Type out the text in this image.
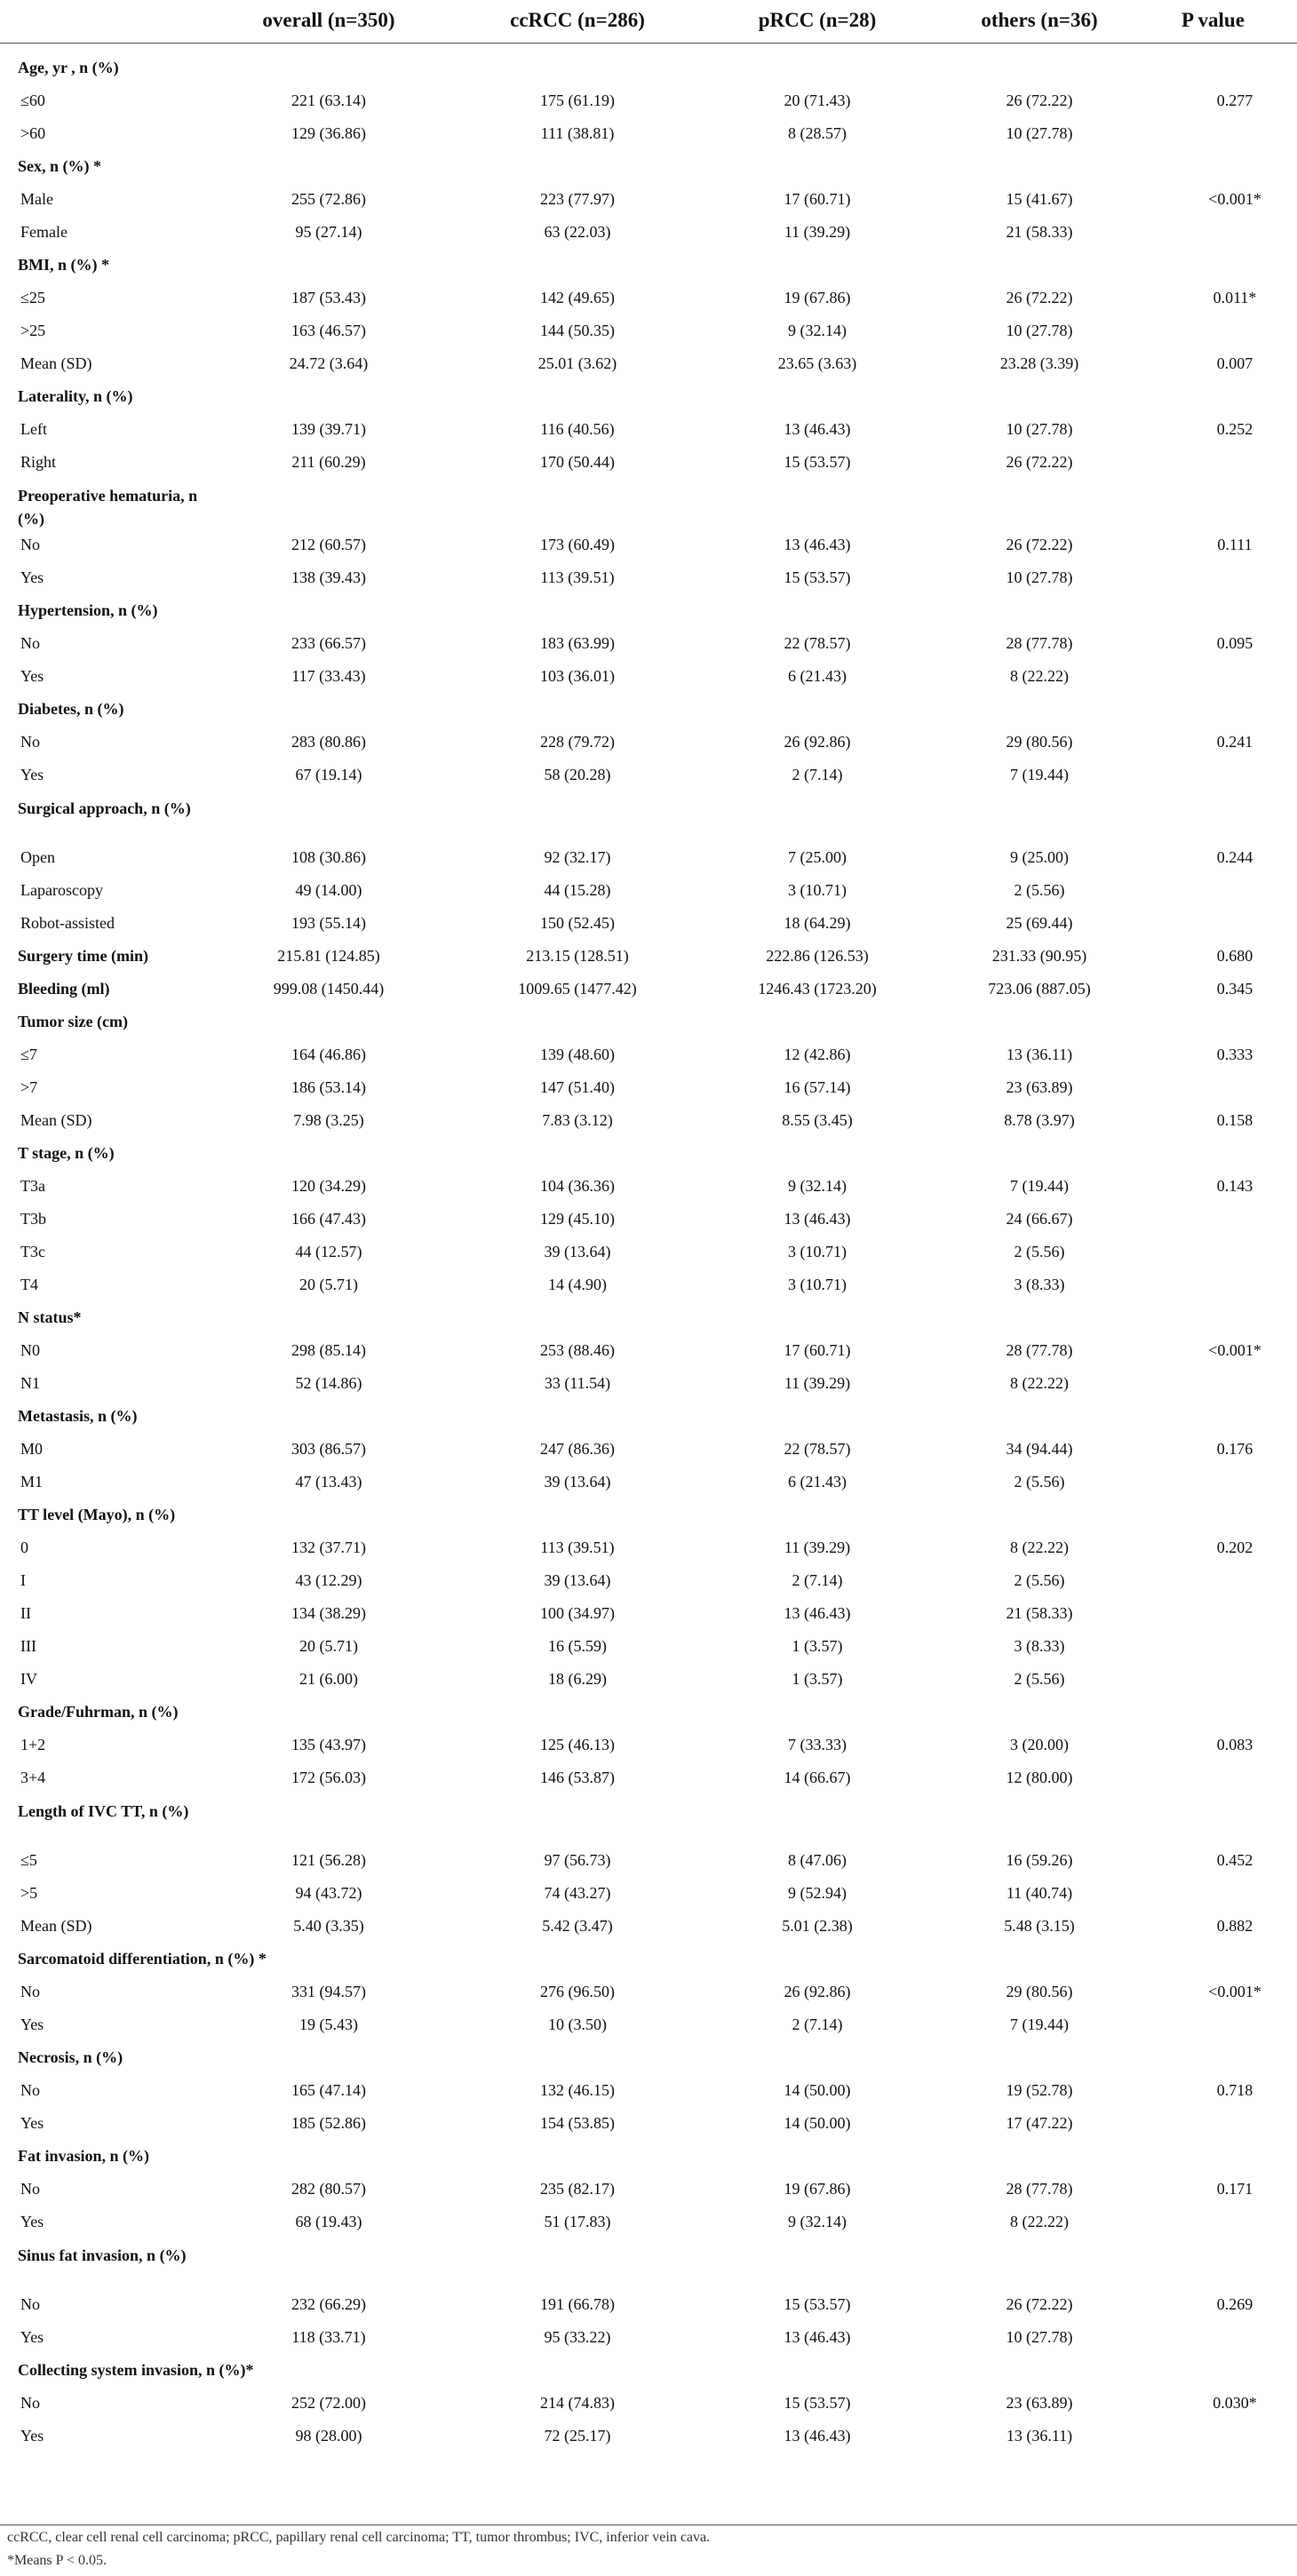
overall (n=350)	ccRCC (n=286)	pRCC (n=28)	others (n=36)	P value
Age, yr , n (%)
≤60	221 (63.14)	175 (61.19)	20 (71.43)	26 (72.22)	0.277
>60	129 (36.86)	111 (38.81)	8 (28.57)	10 (27.78)
Sex, n (%) *
Male	255 (72.86)	223 (77.97)	17 (60.71)	15 (41.67)	<0.001*
Female	95 (27.14)	63 (22.03)	11 (39.29)	21 (58.33)
BMI, n (%) *
≤25	187 (53.43)	142 (49.65)	19 (67.86)	26 (72.22)	0.011*
>25	163 (46.57)	144 (50.35)	9 (32.14)	10 (27.78)
Mean (SD)	24.72 (3.64)	25.01 (3.62)	23.65 (3.63)	23.28 (3.39)	0.007
Laterality, n (%)
Left	139 (39.71)	116 (40.56)	13 (46.43)	10 (27.78)	0.252
Right	211 (60.29)	170 (50.44)	15 (53.57)	26 (72.22)
Preoperative hematuria, n (%)
No	212 (60.57)	173 (60.49)	13 (46.43)	26 (72.22)	0.111
Yes	138 (39.43)	113 (39.51)	15 (53.57)	10 (27.78)
Hypertension, n (%)
No	233 (66.57)	183 (63.99)	22 (78.57)	28 (77.78)	0.095
Yes	117 (33.43)	103 (36.01)	6 (21.43)	8 (22.22)
Diabetes, n (%)
No	283 (80.86)	228 (79.72)	26 (92.86)	29 (80.56)	0.241
Yes	67 (19.14)	58 (20.28)	2 (7.14)	7 (19.44)
Surgical approach, n (%)
Open	108 (30.86)	92 (32.17)	7 (25.00)	9 (25.00)	0.244
Laparoscopy	49 (14.00)	44 (15.28)	3 (10.71)	2 (5.56)
Robot-assisted	193 (55.14)	150 (52.45)	18 (64.29)	25 (69.44)
Surgery time (min)	215.81 (124.85)	213.15 (128.51)	222.86 (126.53)	231.33 (90.95)	0.680
Bleeding (ml)	999.08 (1450.44)	1009.65 (1477.42)	1246.43 (1723.20)	723.06 (887.05)	0.345
Tumor size (cm)
≤7	164 (46.86)	139 (48.60)	12 (42.86)	13 (36.11)	0.333
>7	186 (53.14)	147 (51.40)	16 (57.14)	23 (63.89)
Mean (SD)	7.98 (3.25)	7.83 (3.12)	8.55 (3.45)	8.78 (3.97)	0.158
T stage, n (%)
T3a	120 (34.29)	104 (36.36)	9 (32.14)	7 (19.44)	0.143
T3b	166 (47.43)	129 (45.10)	13 (46.43)	24 (66.67)
T3c	44 (12.57)	39 (13.64)	3 (10.71)	2 (5.56)
T4	20 (5.71)	14 (4.90)	3 (10.71)	3 (8.33)
N status*
N0	298 (85.14)	253 (88.46)	17 (60.71)	28 (77.78)	<0.001*
N1	52 (14.86)	33 (11.54)	11 (39.29)	8 (22.22)
Metastasis, n (%)
M0	303 (86.57)	247 (86.36)	22 (78.57)	34 (94.44)	0.176
M1	47 (13.43)	39 (13.64)	6 (21.43)	2 (5.56)
TT level (Mayo), n (%)
0	132 (37.71)	113 (39.51)	11 (39.29)	8 (22.22)	0.202
I	43 (12.29)	39 (13.64)	2 (7.14)	2 (5.56)
II	134 (38.29)	100 (34.97)	13 (46.43)	21 (58.33)
III	20 (5.71)	16 (5.59)	1 (3.57)	3 (8.33)
IV	21 (6.00)	18 (6.29)	1 (3.57)	2 (5.56)
Grade/Fuhrman, n (%)
1+2	135 (43.97)	125 (46.13)	7 (33.33)	3 (20.00)	0.083
3+4	172 (56.03)	146 (53.87)	14 (66.67)	12 (80.00)
Length of IVC TT, n (%)
≤5	121 (56.28)	97 (56.73)	8 (47.06)	16 (59.26)	0.452
>5	94 (43.72)	74 (43.27)	9 (52.94)	11 (40.74)
Mean (SD)	5.40 (3.35)	5.42 (3.47)	5.01 (2.38)	5.48 (3.15)	0.882
Sarcomatoid differentiation, n (%) *
No	331 (94.57)	276 (96.50)	26 (92.86)	29 (80.56)	<0.001*
Yes	19 (5.43)	10 (3.50)	2 (7.14)	7 (19.44)
Necrosis, n (%)
No	165 (47.14)	132 (46.15)	14 (50.00)	19 (52.78)	0.718
Yes	185 (52.86)	154 (53.85)	14 (50.00)	17 (47.22)
Fat invasion, n (%)
No	282 (80.57)	235 (82.17)	19 (67.86)	28 (77.78)	0.171
Yes	68 (19.43)	51 (17.83)	9 (32.14)	8 (22.22)
Sinus fat invasion, n (%)
No	232 (66.29)	191 (66.78)	15 (53.57)	26 (72.22)	0.269
Yes	118 (33.71)	95 (33.22)	13 (46.43)	10 (27.78)
Collecting system invasion, n (%)*
No	252 (72.00)	214 (74.83)	15 (53.57)	23 (63.89)	0.030*
Yes	98 (28.00)	72 (25.17)	13 (46.43)	13 (36.11)
ccRCC, clear cell renal cell carcinoma; pRCC, papillary renal cell carcinoma; TT, tumor thrombus; IVC, inferior vein cava.
*Means P < 0.05.
